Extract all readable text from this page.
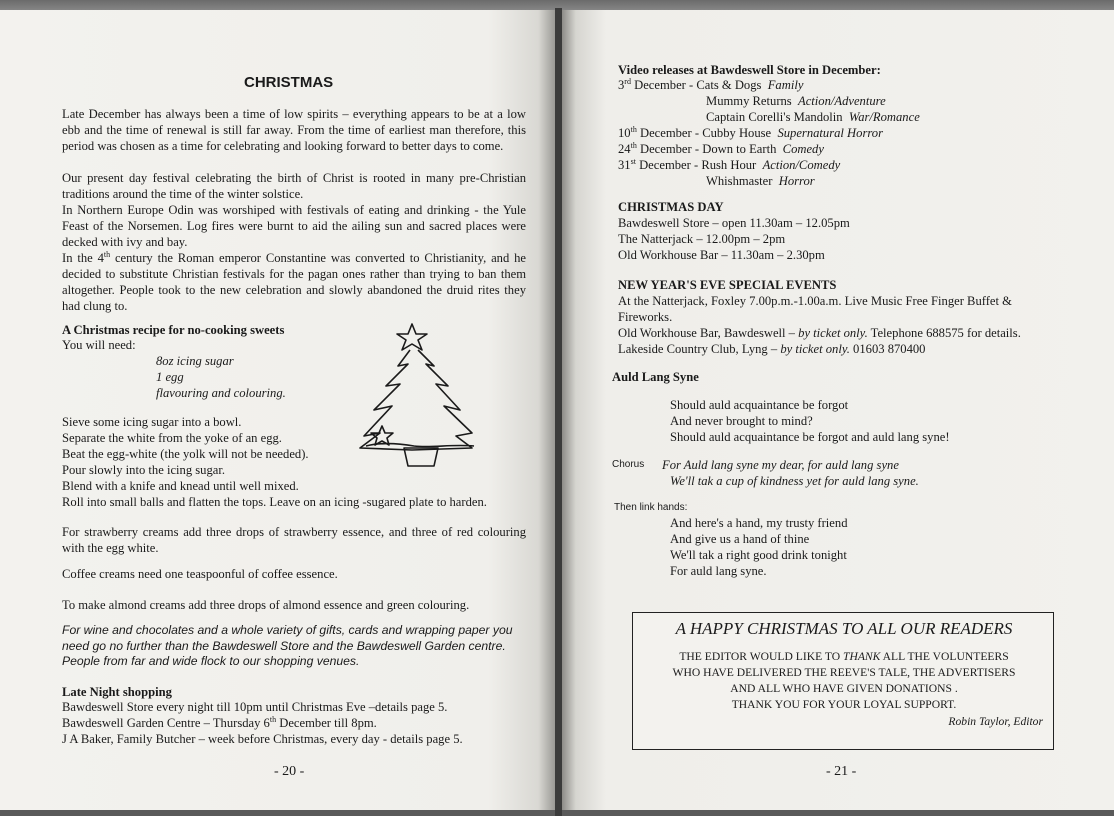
CHRISTMAS
Late December has always been a time of low spirits – everything appears to be at a low ebb and the time of renewal is still far away. From the time of earliest man therefore, this period was chosen as a time for celebrating and looking forward to better days to come.
Our present day festival celebrating the birth of Christ is rooted in many pre-Christian traditions around the time of the winter solstice.
In Northern Europe Odin was worshiped with festivals of eating and drinking - the Yule Feast of the Norsemen. Log fires were burnt to aid the ailing sun and sacred places were decked with ivy and bay.
In the 4th century the Roman emperor Constantine was converted to Christianity, and he decided to substitute Christian festivals for the pagan ones rather than trying to ban them altogether. People took to the new celebration and slowly abandoned the druid rites they had clung to.
A Christmas recipe for no-cooking sweets
You will need:
8oz icing sugar
1 egg
flavouring and colouring.
Sieve some icing sugar into a bowl.
Separate the white from the yoke of an egg.
Beat the egg-white (the yolk will not be needed).
Pour slowly into the icing sugar.
Blend with a knife and knead until well mixed.
Roll into small balls and flatten the tops. Leave on an icing -sugared plate to harden.
For strawberry creams add three drops of strawberry essence, and three of red colouring with the egg white.
Coffee creams need one teaspoonful of coffee essence.
To make almond creams add three drops of almond essence and green colouring.
For wine and chocolates and a whole variety of gifts, cards and wrapping paper you need go no further than the Bawdeswell Store and the Bawdeswell Garden centre. People from far and wide flock to our shopping venues.
Late Night shopping
Bawdeswell Store every night till 10pm until Christmas Eve –details page 5.
Bawdeswell Garden Centre – Thursday 6th December till 8pm.
J A Baker, Family Butcher – week before Christmas, every day - details page 5.
- 20 -
Video releases at Bawdeswell Store in December:
3rd December - Cats & Dogs Family
Mummy Returns Action/Adventure
Captain Corelli's Mandolin War/Romance
10th December - Cubby House Supernatural Horror
24th December - Down to Earth Comedy
31st December - Rush Hour Action/Comedy
Whishmaster Horror
CHRISTMAS DAY
Bawdeswell Store – open 11.30am – 12.05pm
The Natterjack – 12.00pm – 2pm
Old Workhouse Bar – 11.30am – 2.30pm
NEW YEAR'S EVE SPECIAL EVENTS
At the Natterjack, Foxley 7.00p.m.-1.00a.m. Live Music Free Finger Buffet & Fireworks.
Old Workhouse Bar, Bawdeswell – by ticket only. Telephone 688575 for details.
Lakeside Country Club, Lyng – by ticket only. 01603 870400
Auld Lang Syne
Should auld acquaintance be forgot
And never brought to mind?
Should auld acquaintance be forgot and auld lang syne!
Chorus For Auld lang syne my dear, for auld lang syne
We'll tak a cup of kindness yet for auld lang syne.
Then link hands:
And here's a hand, my trusty friend
And give us a hand of thine
We'll tak a right good drink tonight
For auld lang syne.
A HAPPY CHRISTMAS TO ALL OUR READERS
THE EDITOR WOULD LIKE TO THANK ALL THE VOLUNTEERS
WHO HAVE DELIVERED THE REEVE'S TALE, THE ADVERTISERS
AND ALL WHO HAVE GIVEN DONATIONS .
THANK YOU FOR YOUR LOYAL SUPPORT.
Robin Taylor, Editor
- 21 -
